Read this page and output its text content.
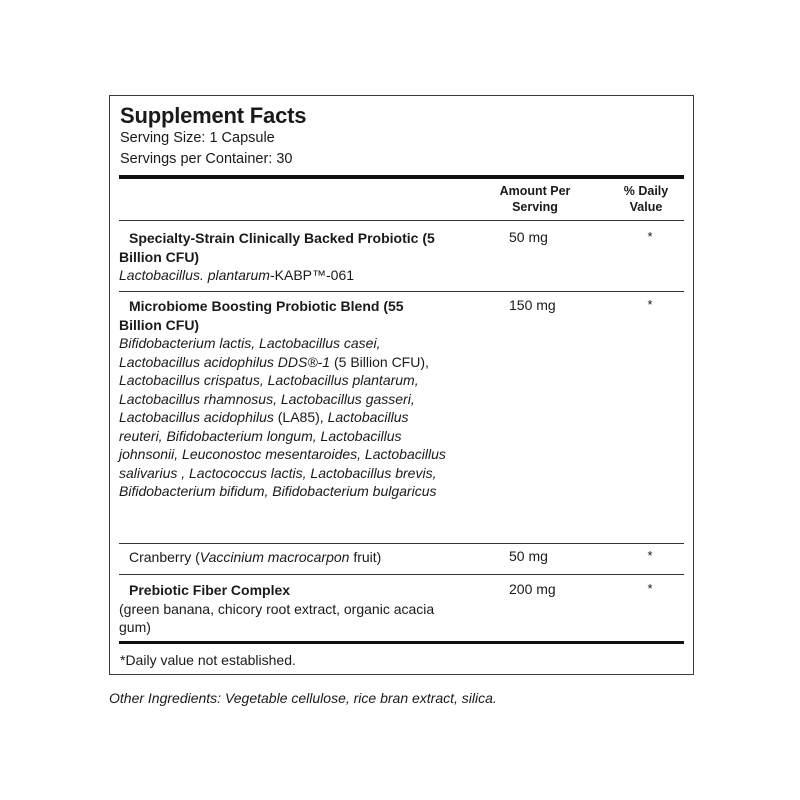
Supplement Facts
Serving Size: 1 Capsule
Servings per Container: 30
Amount Per
Serving
% Daily
Value
Specialty-Strain Clinically Backed Probiotic (5 Billion CFU)
Lactobacillus. plantarum-KABP™-061
50 mg	*
Microbiome Boosting Probiotic Blend (55 Billion CFU)
Bifidobacterium lactis, Lactobacillus casei, Lactobacillus acidophilus DDS®-1 (5 Billion CFU), Lactobacillus crispatus, Lactobacillus plantarum, Lactobacillus rhamnosus, Lactobacillus gasseri, Lactobacillus acidophilus (LA85), Lactobacillus reuteri, Bifidobacterium longum, Lactobacillus johnsonii, Leuconostoc mesentaroides, Lactobacillus salivarius , Lactococcus lactis, Lactobacillus brevis, Bifidobacterium bifidum, Bifidobacterium bulgaricus
150 mg	*
Cranberry (Vaccinium macrocarpon fruit)	50 mg	*
Prebiotic Fiber Complex
(green banana, chicory root extract, organic acacia gum)
200 mg	*
*Daily value not established.
Other Ingredients: Vegetable cellulose, rice bran extract, silica.
